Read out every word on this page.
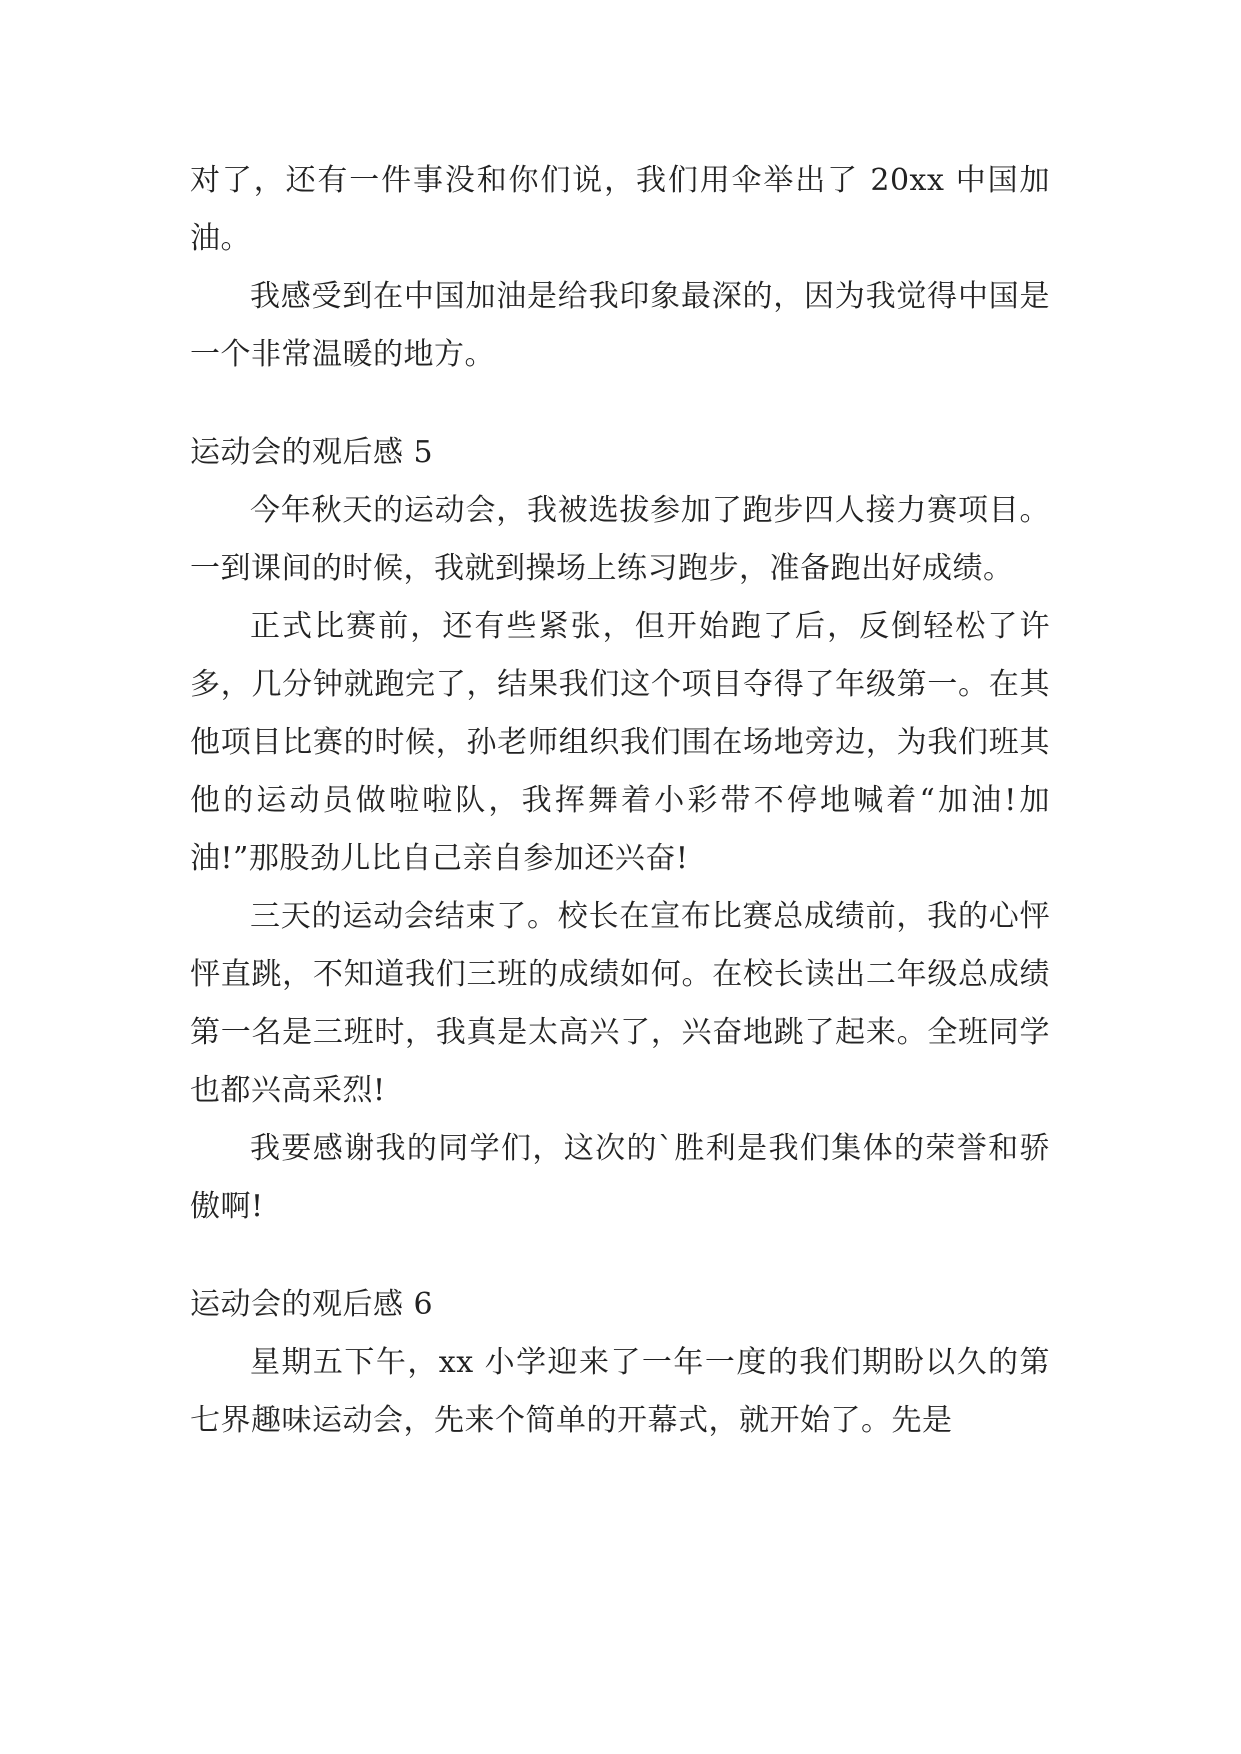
对了，还有一件事没和你们说，我们用伞举出了 20xx 中国加油。

我感受到在中国加油是给我印象最深的，因为我觉得中国是一个非常温暖的地方。

运动会的观后感 5

今年秋天的运动会，我被选拔参加了跑步四人接力赛项目。一到课间的时候，我就到操场上练习跑步，准备跑出好成绩。

正式比赛前，还有些紧张，但开始跑了后，反倒轻松了许多，几分钟就跑完了，结果我们这个项目夺得了年级第一。在其他项目比赛的时候，孙老师组织我们围在场地旁边，为我们班其他的运动员做啦啦队，我挥舞着小彩带不停地喊着“加油!加油!”那股劲儿比自己亲自参加还兴奋!

三天的运动会结束了。校长在宣布比赛总成绩前，我的心怦怦直跳，不知道我们三班的成绩如何。在校长读出二年级总成绩第一名是三班时，我真是太高兴了，兴奋地跳了起来。全班同学也都兴高采烈!

我要感谢我的同学们，这次的`胜利是我们集体的荣誉和骄傲啊!

运动会的观后感 6

星期五下午，xx 小学迎来了一年一度的我们期盼以久的第七界趣味运动会，先来个简单的开幕式，就开始了。先是
